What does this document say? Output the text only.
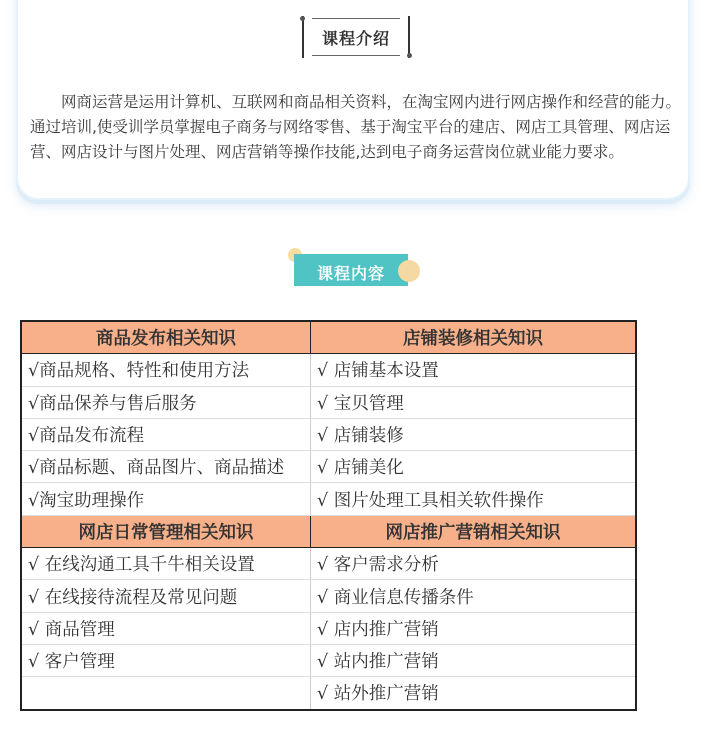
课程介绍

网商运营是运用计算机、互联网和商品相关资料，在淘宝网内进行网店操作和经营的能力。通过培训,使受训学员掌握电子商务与网络零售、基于淘宝平台的建店、网店工具管理、网店运营、网店设计与图片处理、网店营销等操作技能,达到电子商务运营岗位就业能力要求。

课程内容
商品发布相关知识	店铺装修相关知识
√商品规格、特性和使用方法	√ 店铺基本设置
√商品保养与售后服务	√ 宝贝管理
√商品发布流程	√ 店铺装修
√商品标题、商品图片、商品描述	√ 店铺美化
√淘宝助理操作	√ 图片处理工具相关软件操作
网店日常管理相关知识	网店推广营销相关知识
√ 在线沟通工具千牛相关设置	√ 客户需求分析
√ 在线接待流程及常见问题	√ 商业信息传播条件
√ 商品管理	√ 店内推广营销
√ 客户管理	√ 站内推广营销
	√ 站外推广营销
